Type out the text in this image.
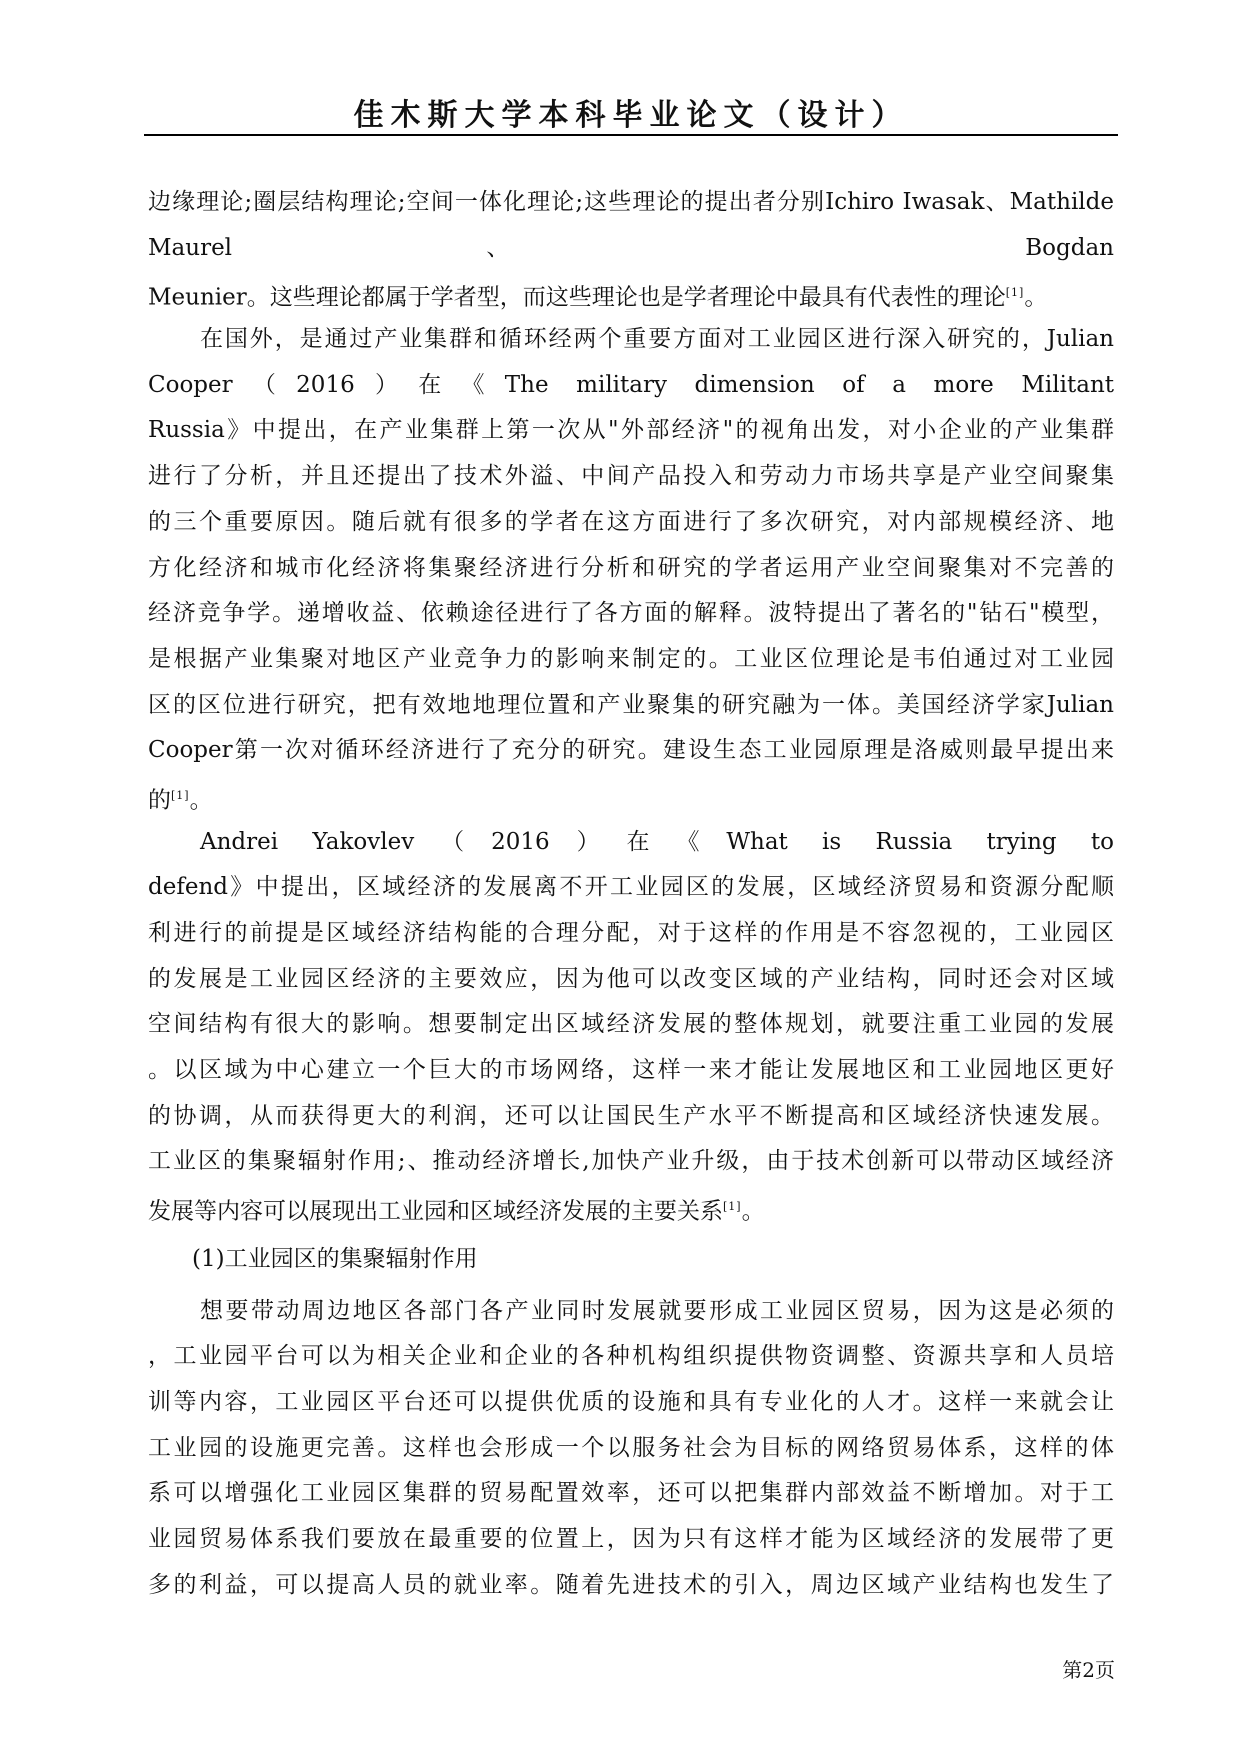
佳木斯大学本科毕业论文（设计）
边缘理论;圈层结构理论;空间一体化理论;这些理论的提出者分别Ichiro Iwasak、Mathilde
Maurel、 Bogdan
Meunier。这些理论都属于学者型，而这些理论也是学者理论中最具有代表性的理论[1]。
在国外，是通过产业集群和循环经两个重要方面对工业园区进行深入研究的，Julian
Cooper（2016）在《The military dimension of a more Militant
Russia》中提出，在产业集群上第一次从"外部经济"的视角出发，对小企业的产业集群
进行了分析，并且还提出了技术外溢、中间产品投入和劳动力市场共享是产业空间聚集
的三个重要原因。随后就有很多的学者在这方面进行了多次研究，对内部规模经济、地
方化经济和城市化经济将集聚经济进行分析和研究的学者运用产业空间聚集对不完善的
经济竞争学。递增收益、依赖途径进行了各方面的解释。波特提出了著名的"钻石"模型，
是根据产业集聚对地区产业竞争力的影响来制定的。工业区位理论是韦伯通过对工业园
区的区位进行研究，把有效地地理位置和产业聚集的研究融为一体。美国经济学家Julian
Cooper第一次对循环经济进行了充分的研究。建设生态工业园原理是洛威则最早提出来
的[1]。
Andrei Yakovlev（2016）在《What is Russia trying to
defend》中提出，区域经济的发展离不开工业园区的发展，区域经济贸易和资源分配顺
利进行的前提是区域经济结构能的合理分配，对于这样的作用是不容忽视的，工业园区
的发展是工业园区经济的主要效应，因为他可以改变区域的产业结构，同时还会对区域
空间结构有很大的影响。想要制定出区域经济发展的整体规划，就要注重工业园的发展
。以区域为中心建立一个巨大的市场网络，这样一来才能让发展地区和工业园地区更好
的协调，从而获得更大的利润，还可以让国民生产水平不断提高和区域经济快速发展。
工业区的集聚辐射作用;、推动经济增长,加快产业升级，由于技术创新可以带动区域经济
发展等内容可以展现出工业园和区域经济发展的主要关系[1]。
(1)工业园区的集聚辐射作用
想要带动周边地区各部门各产业同时发展就要形成工业园区贸易，因为这是必须的
，工业园平台可以为相关企业和企业的各种机构组织提供物资调整、资源共享和人员培
训等内容，工业园区平台还可以提供优质的设施和具有专业化的人才。这样一来就会让
工业园的设施更完善。这样也会形成一个以服务社会为目标的网络贸易体系，这样的体
系可以增强化工业园区集群的贸易配置效率，还可以把集群内部效益不断增加。对于工
业园贸易体系我们要放在最重要的位置上，因为只有这样才能为区域经济的发展带了更
多的利益，可以提高人员的就业率。随着先进技术的引入，周边区域产业结构也发生了
第2页
